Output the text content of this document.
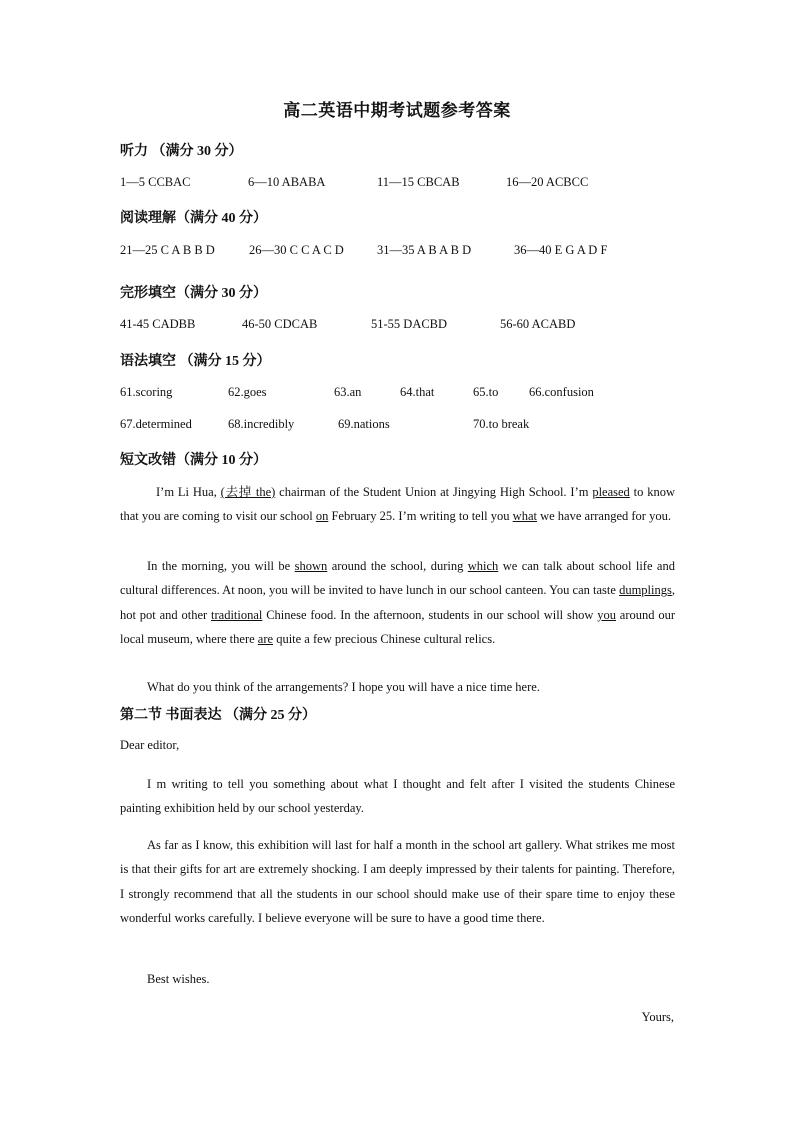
高二英语中期考试题参考答案
听力 （满分 30 分）
1—5 CCBAC	6—10 ABABA	11—15 CBCAB	16—20 ACBCC
阅读理解（满分 40 分）
21—25 C A B B D	26—30 C C A C D	31—35 A B A B D	36—40 E G A D F
完形填空（满分 30 分）
41-45 CADBB	46-50 CDCAB	51-55 DACBD	56-60 ACABD
语法填空 （满分 15 分）
61.scoring	62.goes	63.an	64.that	65.to 66.confusion
67.determined	68.incredibly	69.nations	70.to break
短文改错（满分 10 分）

I’m Li Hua, (去掉 the) chairman of the Student Union at Jingying High School. I’m pleased to know that you are coming to visit our school on February 25. I’m writing to tell you what we have arranged for you.

In the morning, you will be shown around the school, during which we can talk about school life and cultural differences. At noon, you will be invited to have lunch in our school canteen. You can taste dumplings, hot pot and other traditional Chinese food. In the afternoon, students in our school will show you around our local museum, where there are quite a few precious Chinese cultural relics.

What do you think of the arrangements? I hope you will have a nice time here.

第二节 书面表达 （满分 25 分）
Dear editor,

I m writing to tell you something about what I thought and felt after I visited the students Chinese painting exhibition held by our school yesterday.

As far as I know, this exhibition will last for half a month in the school art gallery. What strikes me most is that their gifts for art are extremely shocking. I am deeply impressed by their talents for painting. Therefore, I strongly recommend that all the students in our school should make use of their spare time to enjoy these wonderful works carefully. I believe everyone will be sure to have a good time there.

Best wishes.
Yours,
